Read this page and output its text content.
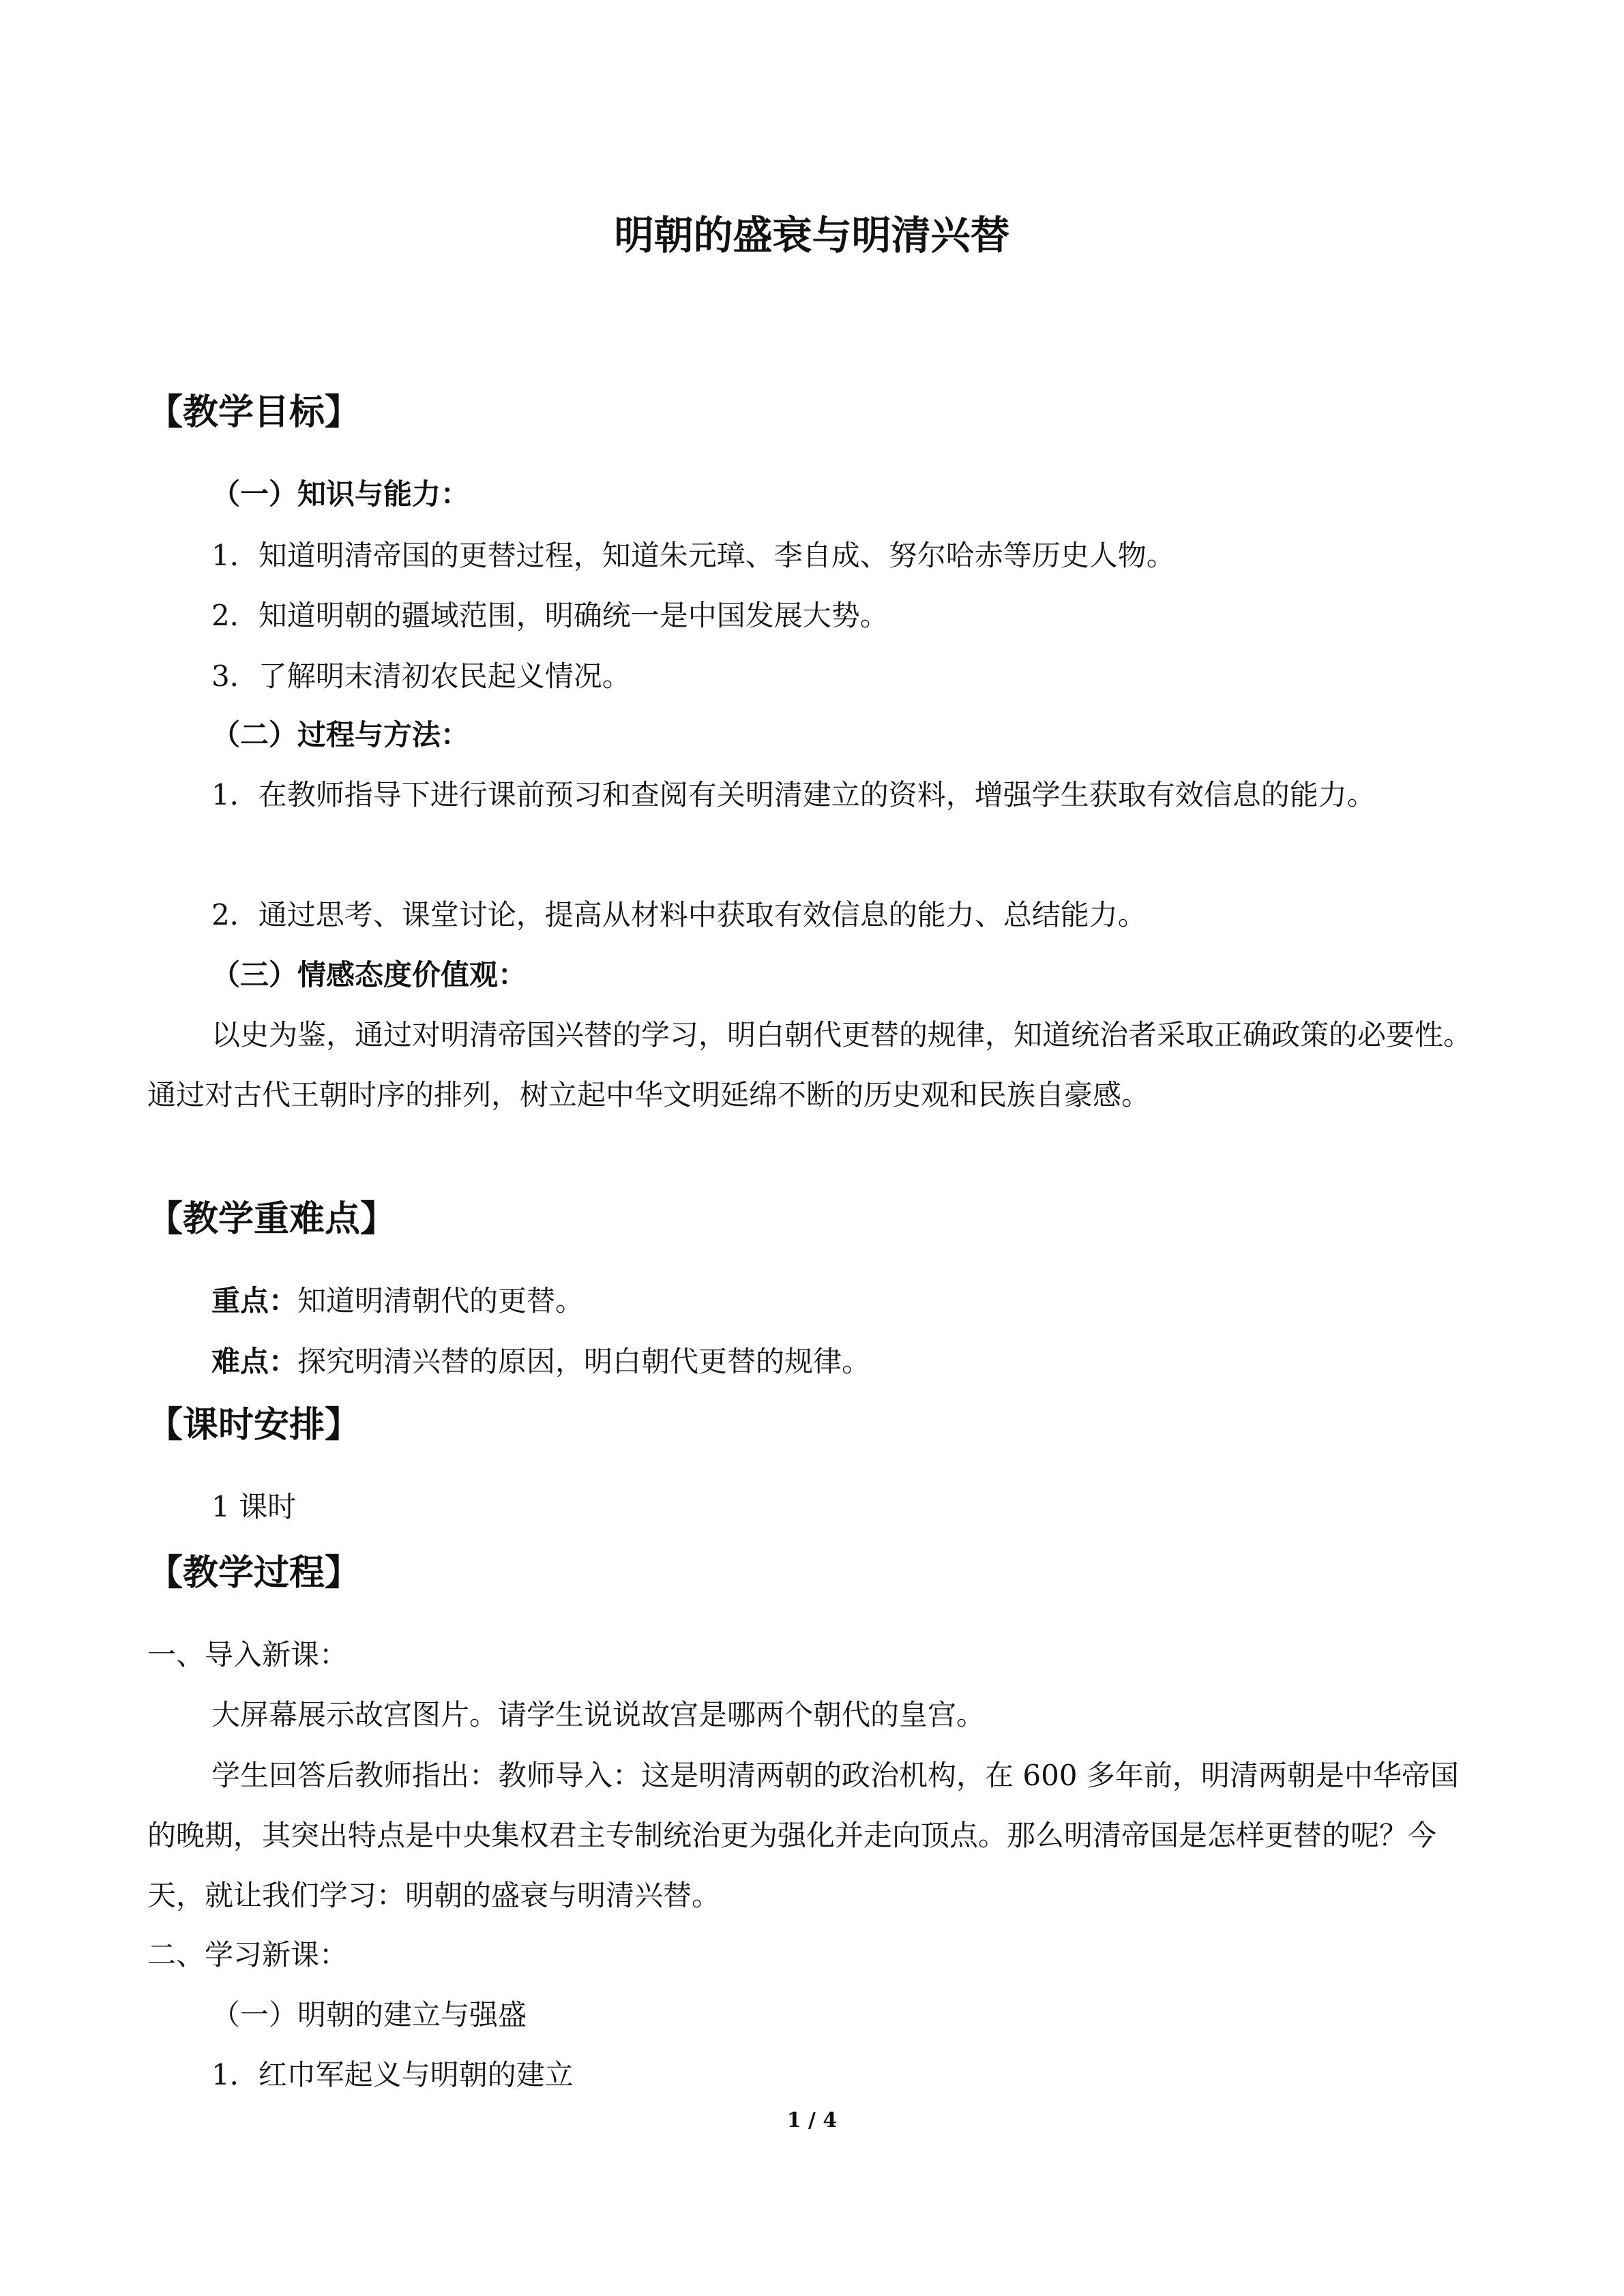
明朝的盛衰与明清兴替
【教学目标】

（一）知识与能力：

1．知道明清帝国的更替过程，知道朱元璋、李自成、努尔哈赤等历史人物。

2．知道明朝的疆域范围，明确统一是中国发展大势。

3．了解明末清初农民起义情况。

（二）过程与方法：

1．在教师指导下进行课前预习和查阅有关明清建立的资料，增强学生获取有效信息的能力。

2．通过思考、课堂讨论，提高从材料中获取有效信息的能力、总结能力。

（三）情感态度价值观：

以史为鉴，通过对明清帝国兴替的学习，明白朝代更替的规律，知道统治者采取正确政策的必要性。通过对古代王朝时序的排列，树立起中华文明延绵不断的历史观和民族自豪感。

【教学重难点】

重点：知道明清朝代的更替。

难点：探究明清兴替的原因，明白朝代更替的规律。

【课时安排】

1 课时

【教学过程】

一、导入新课：

大屏幕展示故宫图片。请学生说说故宫是哪两个朝代的皇宫。

学生回答后教师指出：教师导入：这是明清两朝的政治机构，在 600 多年前，明清两朝是中华帝国的晚期，其突出特点是中央集权君主专制统治更为强化并走向顶点。那么明清帝国是怎样更替的呢？今天，就让我们学习：明朝的盛衰与明清兴替。

二、学习新课：

（一）明朝的建立与强盛

1．红巾军起义与明朝的建立

1 / 4
